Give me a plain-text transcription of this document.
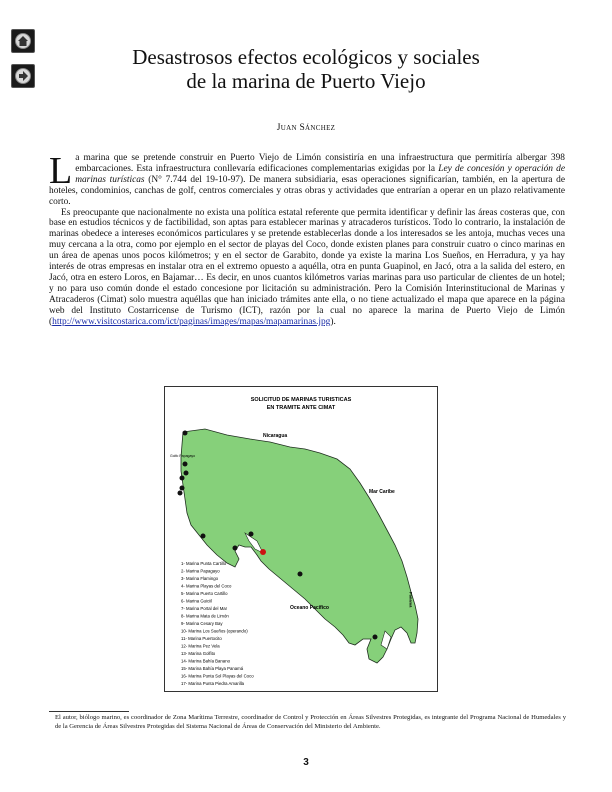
Desastrosos efectos ecológicos y sociales
de la marina de Puerto Viejo
Juan Sánchez

La marina que se pretende construir en Puerto Viejo de Limón consistiría en una infraestructura que permitiría albergar 398 embarcaciones. Esta infraestructura conllevaría edificaciones complementarias exigidas por la Ley de concesión y operación de marinas turísticas (N° 7.744 del 19-10-97). De manera subsidiaria, esas operaciones significarían, también, en la apertura de hoteles, condominios, canchas de golf, centros comerciales y otras obras y actividades que entrarían a operar en un plazo relativamente corto.

Es preocupante que nacionalmente no exista una política estatal referente que permita identificar y definir las áreas costeras que, con base en estudios técnicos y de factibilidad, son aptas para establecer marinas y atracaderos turísticos. Todo lo contrario, la instalación de marinas obedece a intereses económicos particulares y se pretende establecerlas donde a los interesados se les antoja, muchas veces una muy cercana a la otra, como por ejemplo en el sector de playas del Coco, donde existen planes para construir cuatro o cinco marinas en un área de apenas unos pocos kilómetros; y en el sector de Garabito, donde ya existe la marina Los Sueños, en Herradura, y ya hay interés de otras empresas en instalar otra en el extremo opuesto a aquélla, otra en punta Guapinol, en Jacó, otra a la salida del estero, en Jacó, otra en estero Loros, en Bajamar… Es decir, en unos cuantos kilómetros varias marinas para uso particular de clientes de un hotel; y no para uso común donde el estado concesione por licitación su administración. Pero la Comisión Interinstitucional de Marinas y Atracaderos (Cimat) solo muestra aquéllas que han iniciado trámites ante ella, o no tiene actualizado el mapa que aparece en la página web del Instituto Costarricense de Turismo (ICT), razón por la cual no aparece la marina de Puerto Viejo de Limón (http://www.visitcostarica.com/ict/paginas/images/mapas/mapamarinas.jpg).

SOLICITUD DE MARINAS TURISTICAS
EN TRAMITE ANTE CIMAT
Nicaragua
Golfo Papagayo
Mar Caribe
Oceano Pacifico
Panamá
1- Marina Punta Cartillo
2- Marina Papagayo
3- Marina Flamingo
4- Marina Playas del Coco
5- Marina Puerto Cartillo
6- Marina Guiciil
7- Marina Portal del Mar
8- Marina Mata de Limón
9- Marina Cesary Bay
10- Marina Los Sueños (operando)
11- Marina Puertocito
12- Marina Pez Vela
13- Marina Golfito
14- Marina Bahía Banano
15- Marina Bahía Playa Panamá
16- Marina Punta Sol Playas del Coco
17- Marina Punta Piedra Amarilla
El autor, biólogo marino, es coordinador de Zona Marítima Terrestre, coordinador de Control y Protección en Áreas Silvestres Protegidas, es integrante del Programa Nacional de Humedales y de la Gerencia de Áreas Silvestres Protegidas del Sistema Nacional de Áreas de Conservación del Ministerio del Ambiente.
3
